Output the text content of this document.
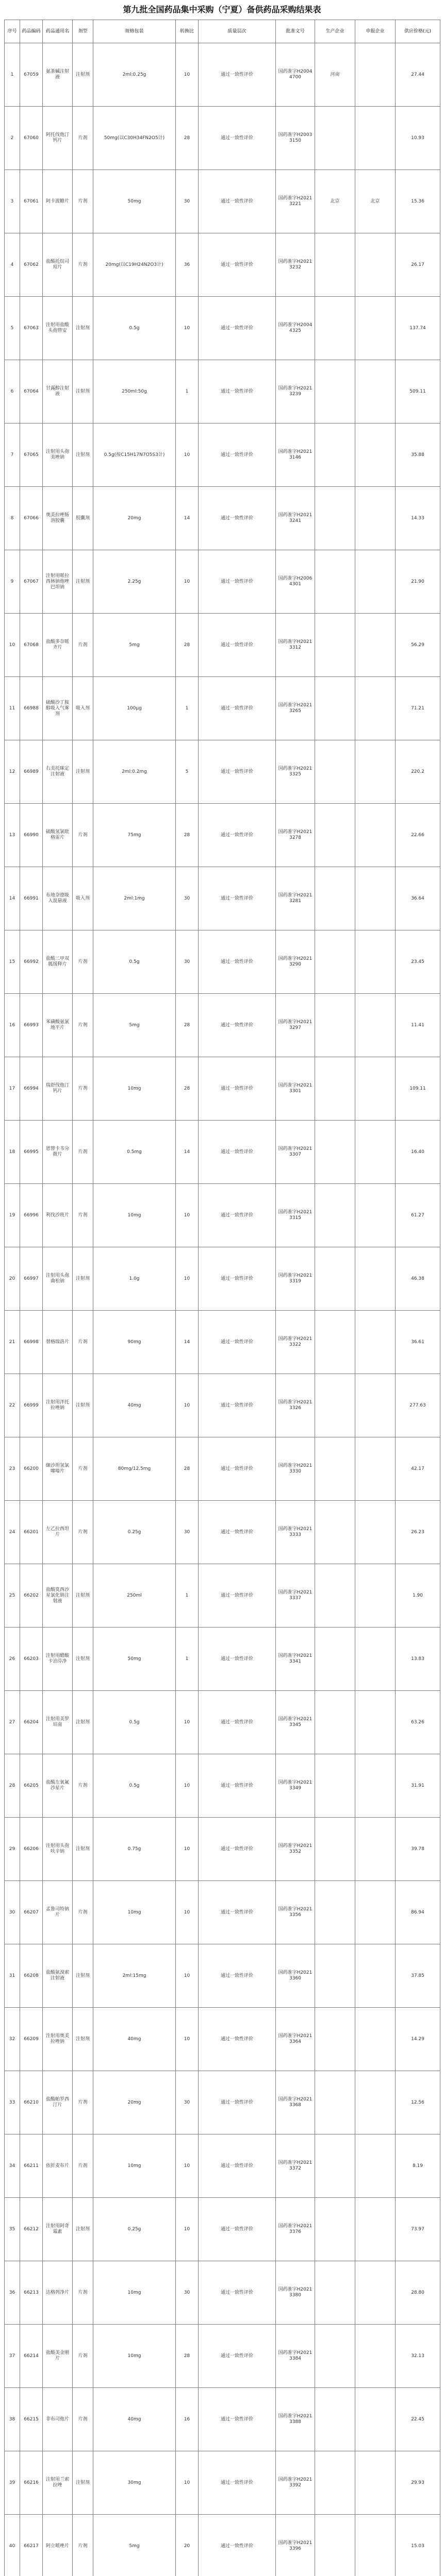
第九批全国药品集中采购（宁夏）备供药品采购结果表
序号	药品编码	药品通用名	剂型	规格包装	转换比	质量层次	批准文号	生产企业	申报企业	供应价格(元)
1	67059	氨茶碱注射液	注射剂	2ml:0.25g	10	通过一致性评价	国药准字H20044700	河南		27.44
2	67060	阿托伐他汀钙片	片剂	50mg(以C30H34FN2O5计)	28	通过一致性评价	国药准字H20033150			10.93
3	67061	阿卡波糖片	片剂	50mg	30	通过一致性评价	国药准字H20213221	北京	北京	15.36
4	67062	盐酸托烷司琼片	片剂	20mg(以C19H24N2O3计)	36	通过一致性评价	国药准字H20213232			26.17
5	67063	注射用盐酸头孢替安	注射剂	0.5g	10	通过一致性评价	国药准字H20044325			137.74
6	67064	甘露醇注射液	注射剂	250ml:50g	1	通过一致性评价	国药准字H20213239			509.11
7	67065	注射用头孢美唑钠	注射剂	0.5g(按C15H17N7O5S3计)	10	通过一致性评价	国药准字H20213146			35.88
8	67066	奥美拉唑肠溶胶囊	胶囊剂	20mg	14	通过一致性评价	国药准字H20213241			14.33
9	67067	注射用哌拉西林钠他唑巴坦钠	注射剂	2.25g	10	通过一致性评价	国药准字H20064301			21.90
10	67068	盐酸多奈哌齐片	片剂	5mg	28	通过一致性评价	国药准字H20213312			56.29
11	66988	硫酸沙丁胺醇吸入气雾剂	吸入剂	100μg	1	通过一致性评价	国药准字H20213265			71.21
12	66989	右美托咪定注射液	注射剂	2ml:0.2mg	5	通过一致性评价	国药准字H20213325			220.2
13	66990	硫酸氢氯吡格雷片	片剂	75mg	28	通过一致性评价	国药准字H20213278			22.66
14	66991	布地奈德吸入混悬液	吸入剂	2ml:1mg	30	通过一致性评价	国药准字H20213281			36.64
15	66992	盐酸二甲双胍缓释片	片剂	0.5g	30	通过一致性评价	国药准字H20213290			23.45
16	66993	苯磺酸氨氯地平片	片剂	5mg	28	通过一致性评价	国药准字H20213297			11.41
17	66994	瑞舒伐他汀钙片	片剂	10mg	28	通过一致性评价	国药准字H20213301			109.11
18	66995	恩替卡韦分散片	片剂	0.5mg	14	通过一致性评价	国药准字H20213307			16.40
19	66996	利伐沙班片	片剂	10mg	10	通过一致性评价	国药准字H20213315			61.27
20	66997	注射用头孢曲松钠	注射剂	1.0g	10	通过一致性评价	国药准字H20213319			46.38
21	66998	替格瑞洛片	片剂	90mg	14	通过一致性评价	国药准字H20213322			36.61
22	66999	注射用泮托拉唑钠	注射剂	40mg	10	通过一致性评价	国药准字H20213326			277.63
23	66200	缬沙坦氢氯噻嗪片	片剂	80mg/12.5mg	28	通过一致性评价	国药准字H20213330			42.17
24	66201	左乙拉西坦片	片剂	0.25g	30	通过一致性评价	国药准字H20213333			26.23
25	66202	盐酸莫西沙星氯化钠注射液	注射剂	250ml	1	通过一致性评价	国药准字H20213337			1.90
26	66203	注射用醋酸卡泊芬净	注射剂	50mg	1	通过一致性评价	国药准字H20213341			13.83
27	66204	注射用美罗培南	注射剂	0.5g	10	通过一致性评价	国药准字H20213345			63.26
28	66205	盐酸左氧氟沙星片	片剂	0.5g	10	通过一致性评价	国药准字H20213349			31.91
29	66206	注射用头孢呋辛钠	注射剂	0.75g	10	通过一致性评价	国药准字H20213352			39.78
30	66207	孟鲁司特钠片	片剂	10mg	10	通过一致性评价	国药准字H20213356			86.94
31	66208	盐酸氨溴索注射液	注射剂	2ml:15mg	10	通过一致性评价	国药准字H20213360			37.85
32	66209	注射用奥美拉唑钠	注射剂	40mg	10	通过一致性评价	国药准字H20213364			14.29
33	66210	盐酸帕罗西汀片	片剂	20mg	30	通过一致性评价	国药准字H20213368			12.56
34	66211	依折麦布片	片剂	10mg	10	通过一致性评价	国药准字H20213372			8.19
35	66212	注射用阿奇霉素	注射剂	0.25g	10	通过一致性评价	国药准字H20213376			73.97
36	66213	达格列净片	片剂	10mg	30	通过一致性评价	国药准字H20213380			28.80
37	66214	盐酸美金刚片	片剂	10mg	28	通过一致性评价	国药准字H20213384			32.13
38	66215	非布司他片	片剂	40mg	16	通过一致性评价	国药准字H20213388			22.45
39	66216	注射用兰索拉唑	注射剂	30mg	10	通过一致性评价	国药准字H20213392			29.93
40	66217	阿立哌唑片	片剂	5mg	20	通过一致性评价	国药准字H20213396			15.03
